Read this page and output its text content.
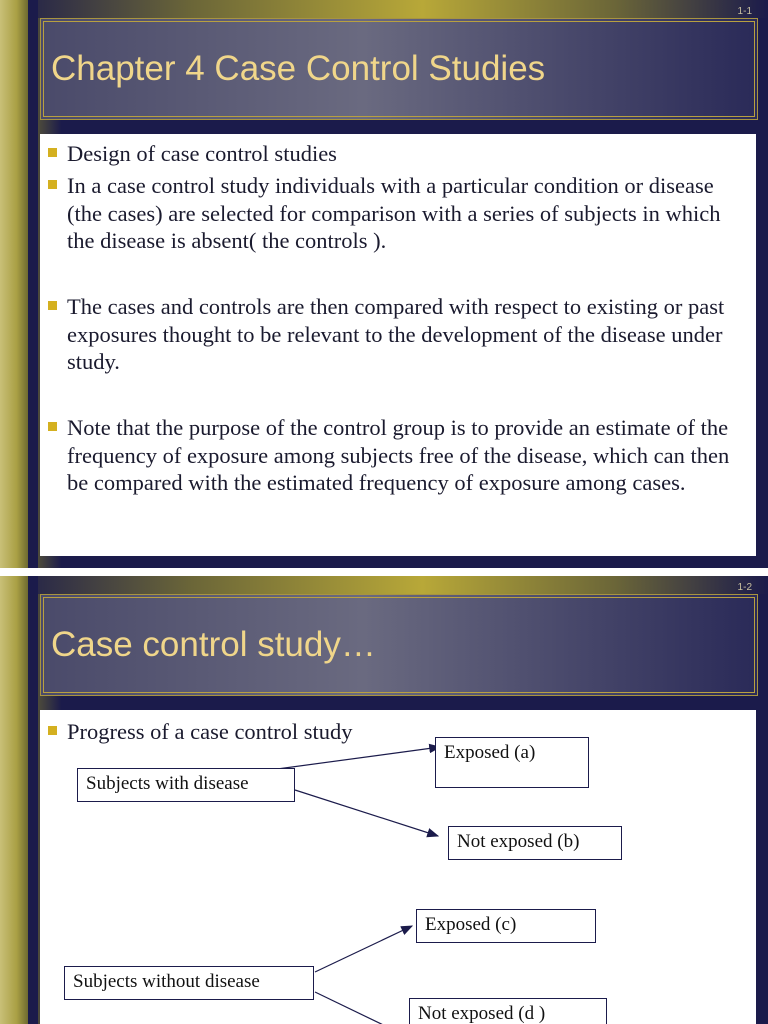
1-1
Chapter 4 Case Control Studies
Design of case control studies
In a case control study individuals with a particular condition or disease (the cases) are selected for comparison with a series of subjects in which the disease is absent( the controls ).
The cases and controls are then compared with respect to existing or past exposures thought to be relevant to the development of the disease under study.
Note that the purpose of the control group is to provide an estimate of the frequency of exposure among subjects free of the disease, which can then be compared with the estimated frequency of exposure among cases.
1-2
Case control study…
Progress of a case control study
Subjects with disease
Exposed (a)
Not exposed (b)
Exposed (c)
Subjects without disease
Not exposed (d )
